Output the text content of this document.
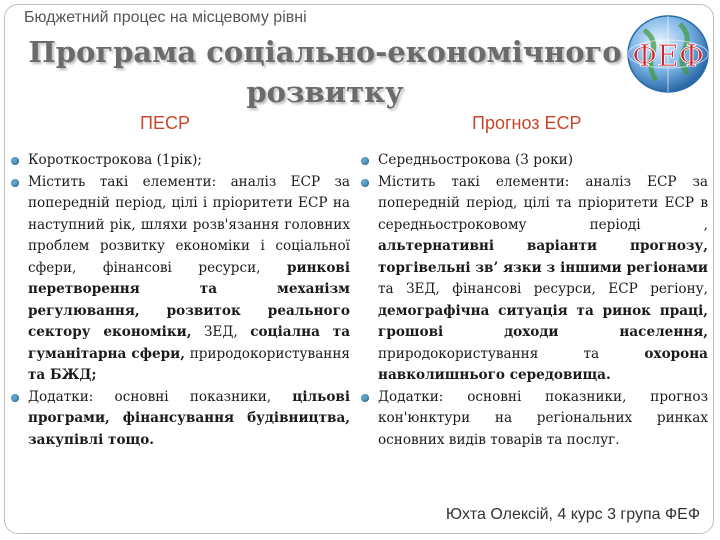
Бюджетний процес на місцевому рівні
Програма соціально-економічного
розвитку
ФЕФ
ПЕСР	Прогноз ЕСР

Короткострокова (1рік);

Містить такі елементи: аналіз ЕСР за попередній період, цілі і пріоритети ЕСР на наступний рік, шляхи розв'язання головних проблем розвитку економіки і соціальної сфери, фінансові ресурси, ринкові перетворення та механізм регулювання, розвиток реального сектору економіки, ЗЕД, соціална та гуманітарна сфери, природокористування та БЖД;

Додатки: основні показники, цільові програми, фінансування будівництва, закупівлі тощо.

Середньострокова (3 роки)

Містить такі елементи: аналіз ЕСР за попередній період, цілі та пріоритети ЕСР в середньостроковому періоді , альтернативні варіанти прогнозу, торгівельні зв’ язки з іншими регіонами та ЗЕД, фінансові ресурси, ЕСР регіону, демографічна ситуація та ринок праці, грошові доходи населення, природокористування та	охорона навколишнього середовища.

Додатки: основні показники, прогноз кон'юнктури на регіональних ринках основних видів товарів та послуг.

Юхта Олексій, 4 курс 3 група ФЕФ
